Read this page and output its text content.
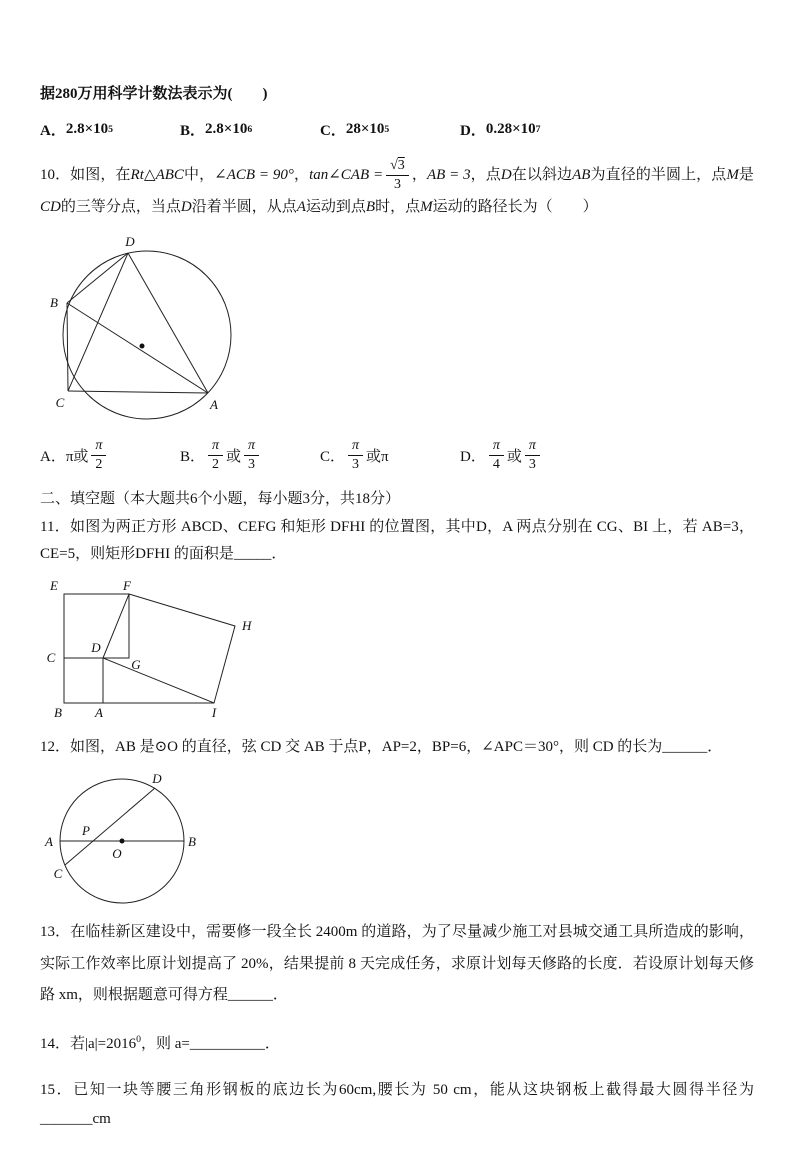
据280万用科学计数法表示为(　　)

A． 2.8×10 5	B． 2.8×10 6	C． 28×10 5	D． 0.28×10 7

10．如图，在Rt△ABC中，∠ACB = 90°，tan∠CAB = $\frac{√3}{3}$ ，AB = 3，点D在以斜边AB为直径的半圆上，点M是CD的三等分点，当点D沿着半圆，从点A运动到点B时，点M运动的路径长为（　　）

D
B
C	A
A． π或 $\frac{\pi}{2}$	B． $\frac{\pi}{2}$ 或 $\frac{\pi}{3}$	C． $\frac{\pi}{3}$ 或π	D． $\frac{\pi}{4}$ 或 $\frac{\pi}{3}$
二、填空题（本大题共6个小题，每小题3分，共18分）

11．如图为两正方形 ABCD、CEFG 和矩形 DFHI 的位置图，其中D，A 两点分别在 CG、BI 上，若 AB=3，CE=5，则矩形DFHI 的面积是_____．

E	F
H
C
D
G
B	A	I

12．如图，AB 是⊙O 的直径，弦 CD 交 AB 于点P，AP=2，BP=6，∠APC＝30°，则 CD 的长为______．

D
A
P
O
B
C

13．在临桂新区建设中，需要修一段全长 2400m 的道路，为了尽量减少施工对县城交通工具所造成的影响，实际工作效率比原计划提高了 20%，结果提前 8 天完成任务，求原计划每天修路的长度．若设原计划每天修路 xm，则根据题意可得方程______．

14．若$|a|=2016^0$，则 a=__________．

15．已知一块等腰三角形钢板的底边长为60cm,腰长为 50 cm，能从这块钢板上截得最大圆得半径为_______cm
